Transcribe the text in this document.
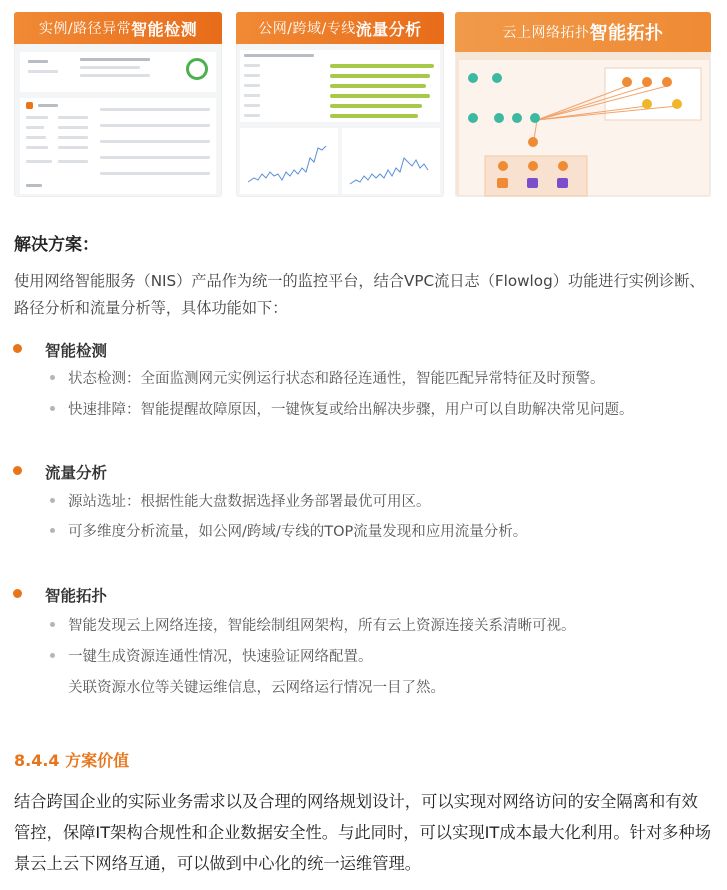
实例/路径异常 智能检测	公网/跨域/专线 流量分析	云上网络拓扑 智能拓扑
解决方案：

使用网络智能服务（NIS）产品作为统一的监控平台，结合VPC流日志（Flowlog）功能进行实例诊断、路径分析和流量分析等，具体功能如下：

智能检测

状态检测：全面监测网元实例运行状态和路径连通性，智能匹配异常特征及时预警。

快速排障：智能提醒故障原因，一键恢复或给出解决步骤，用户可以自助解决常见问题。

流量分析

源站选址：根据性能大盘数据选择业务部署最优可用区。

可多维度分析流量，如公网/跨域/专线的TOP流量发现和应用流量分析。

智能拓扑

智能发现云上网络连接，智能绘制组网架构，所有云上资源连接关系清晰可视。

一键生成资源连通性情况，快速验证网络配置。

关联资源水位等关键运维信息，云网络运行情况一目了然。

8.4.4 方案价值

结合跨国企业的实际业务需求以及合理的网络规划设计，可以实现对网络访问的安全隔离和有效管控，保障IT架构合规性和企业数据安全性。与此同时，可以实现IT成本最大化利用。针对多种场景云上云下网络互通，可以做到中心化的统一运维管理。
